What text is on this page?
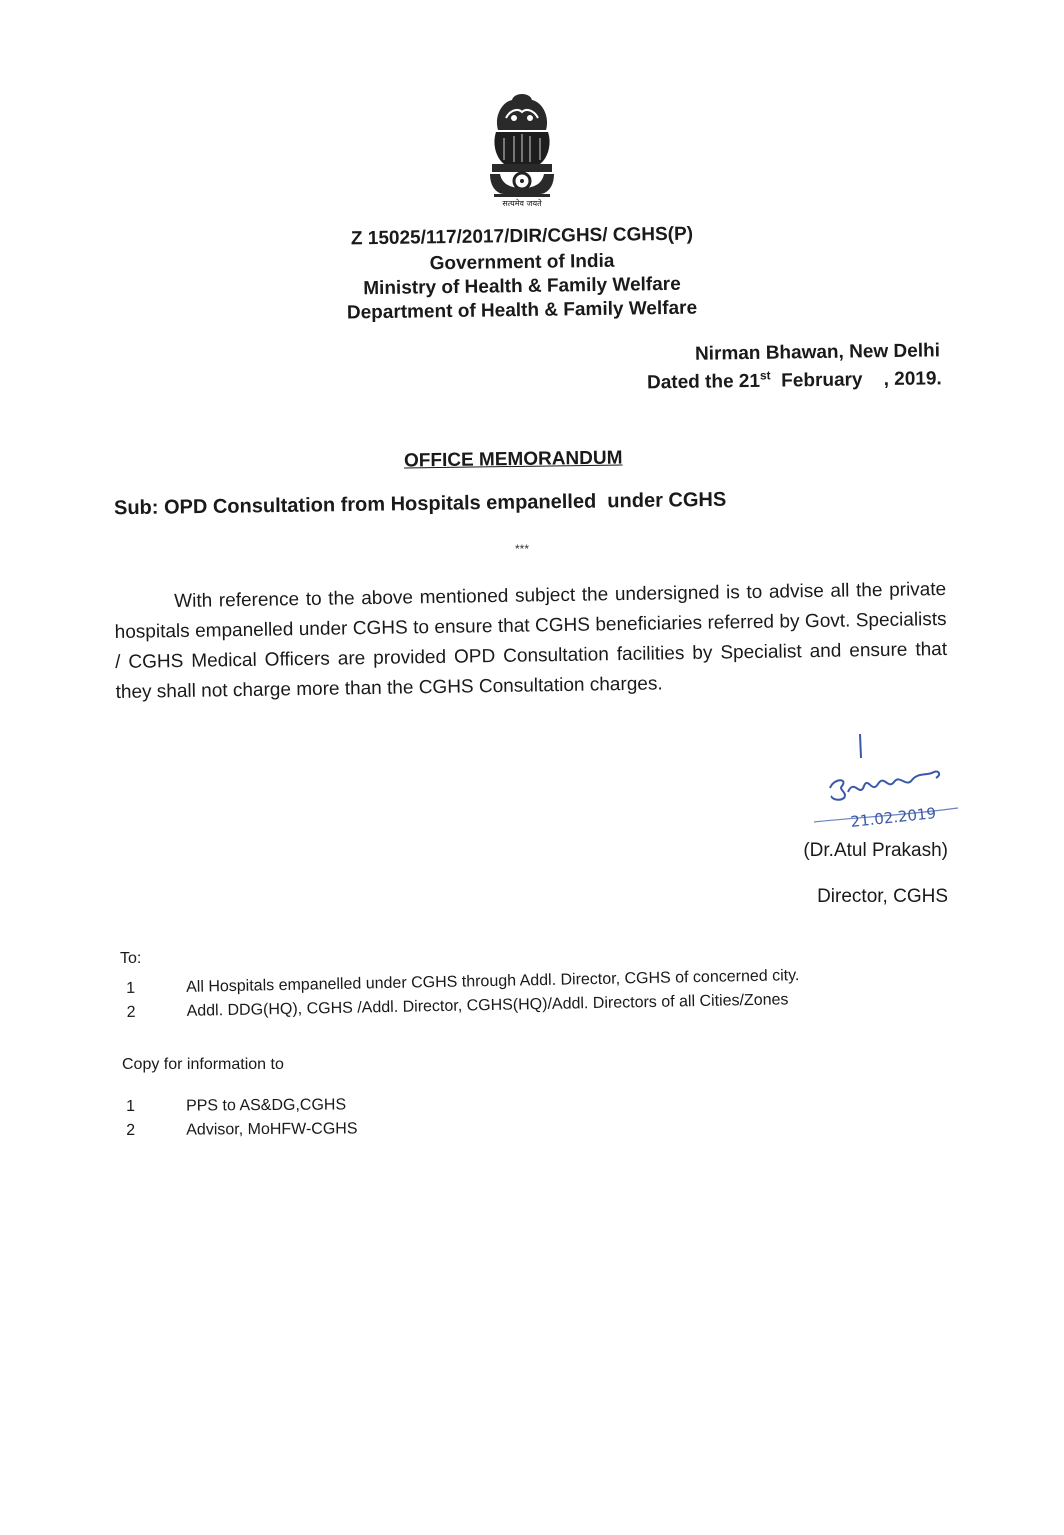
सत्यमेव जयते
Z 15025/117/2017/DIR/CGHS/ CGHS(P)
Government of India
Ministry of Health & Family Welfare
Department of Health & Family Welfare
Nirman Bhawan, New Delhi
Dated the 21st  February    , 2019.
OFFICE MEMORANDUM
Sub: OPD Consultation from Hospitals empanelled  under CGHS
***
With reference to the above mentioned subject the undersigned is to advise all the private hospitals empanelled under CGHS to ensure that CGHS beneficiaries referred by Govt. Specialists / CGHS Medical Officers are provided OPD Consultation facilities by Specialist and ensure that they shall not charge more than the CGHS Consultation charges.
21.02.2019
(Dr.Atul Prakash)
Director, CGHS
To:
1	All Hospitals empanelled under CGHS through Addl. Director, CGHS of concerned city.
2	Addl. DDG(HQ), CGHS /Addl. Director, CGHS(HQ)/Addl. Directors of all Cities/Zones
Copy for information to
1	PPS to AS&DG,CGHS
2	Advisor, MoHFW-CGHS
